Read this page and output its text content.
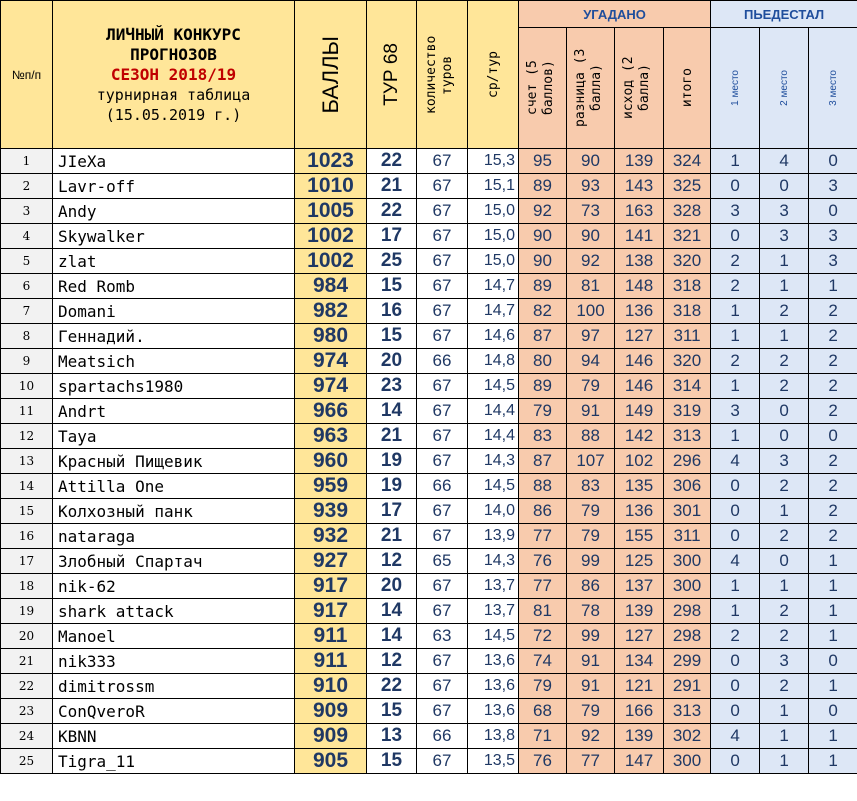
№п/п	ЛИЧНЫЙ КОНКУРС
ПРОГНОЗОВ
СЕЗОН 2018/19
турнирная таблица
(15.05.2019 г.)	БАЛЛЫ	ТУР 68	количество туров	ср/тур	УГАДАНО				ПЬЕДЕСТАЛ		

						счет (5 баллов)	разница (3 балла)	исход (2 балла)	итого	1 место	2 место	3 место

1	JIeXa	1023	22	67	15,3	95	90	139	324	1	4	0
2	Lavr-off	1010	21	67	15,1	89	93	143	325	0	0	3
3	Andy	1005	22	67	15,0	92	73	163	328	3	3	0
4	Skywalker	1002	17	67	15,0	90	90	141	321	0	3	3
5	zlat	1002	25	67	15,0	90	92	138	320	2	1	3
6	Red Romb	984	15	67	14,7	89	81	148	318	2	1	1
7	Domani	982	16	67	14,7	82	100	136	318	1	2	2
8	Геннадий.	980	15	67	14,6	87	97	127	311	1	1	2
9	Meatsich	974	20	66	14,8	80	94	146	320	2	2	2
10	spartachs1980	974	23	67	14,5	89	79	146	314	1	2	2
11	Andrt	966	14	67	14,4	79	91	149	319	3	0	2
12	Taya	963	21	67	14,4	83	88	142	313	1	0	0
13	Красный Пищевик	960	19	67	14,3	87	107	102	296	4	3	2
14	Attilla One	959	19	66	14,5	88	83	135	306	0	2	2
15	Колхозный панк	939	17	67	14,0	86	79	136	301	0	1	2
16	nataraga	932	21	67	13,9	77	79	155	311	0	2	2
17	Злобный Спартач	927	12	65	14,3	76	99	125	300	4	0	1
18	nik-62	917	20	67	13,7	77	86	137	300	1	1	1
19	shark attack	917	14	67	13,7	81	78	139	298	1	2	1
20	Manoel	911	14	63	14,5	72	99	127	298	2	2	1
21	nik333	911	12	67	13,6	74	91	134	299	0	3	0
22	dimitrossm	910	22	67	13,6	79	91	121	291	0	2	1
23	ConQveroR	909	15	67	13,6	68	79	166	313	0	1	0
24	KBNN	909	13	66	13,8	71	92	139	302	4	1	1
25	Tigra_11	905	15	67	13,5	76	77	147	300	0	1	1
